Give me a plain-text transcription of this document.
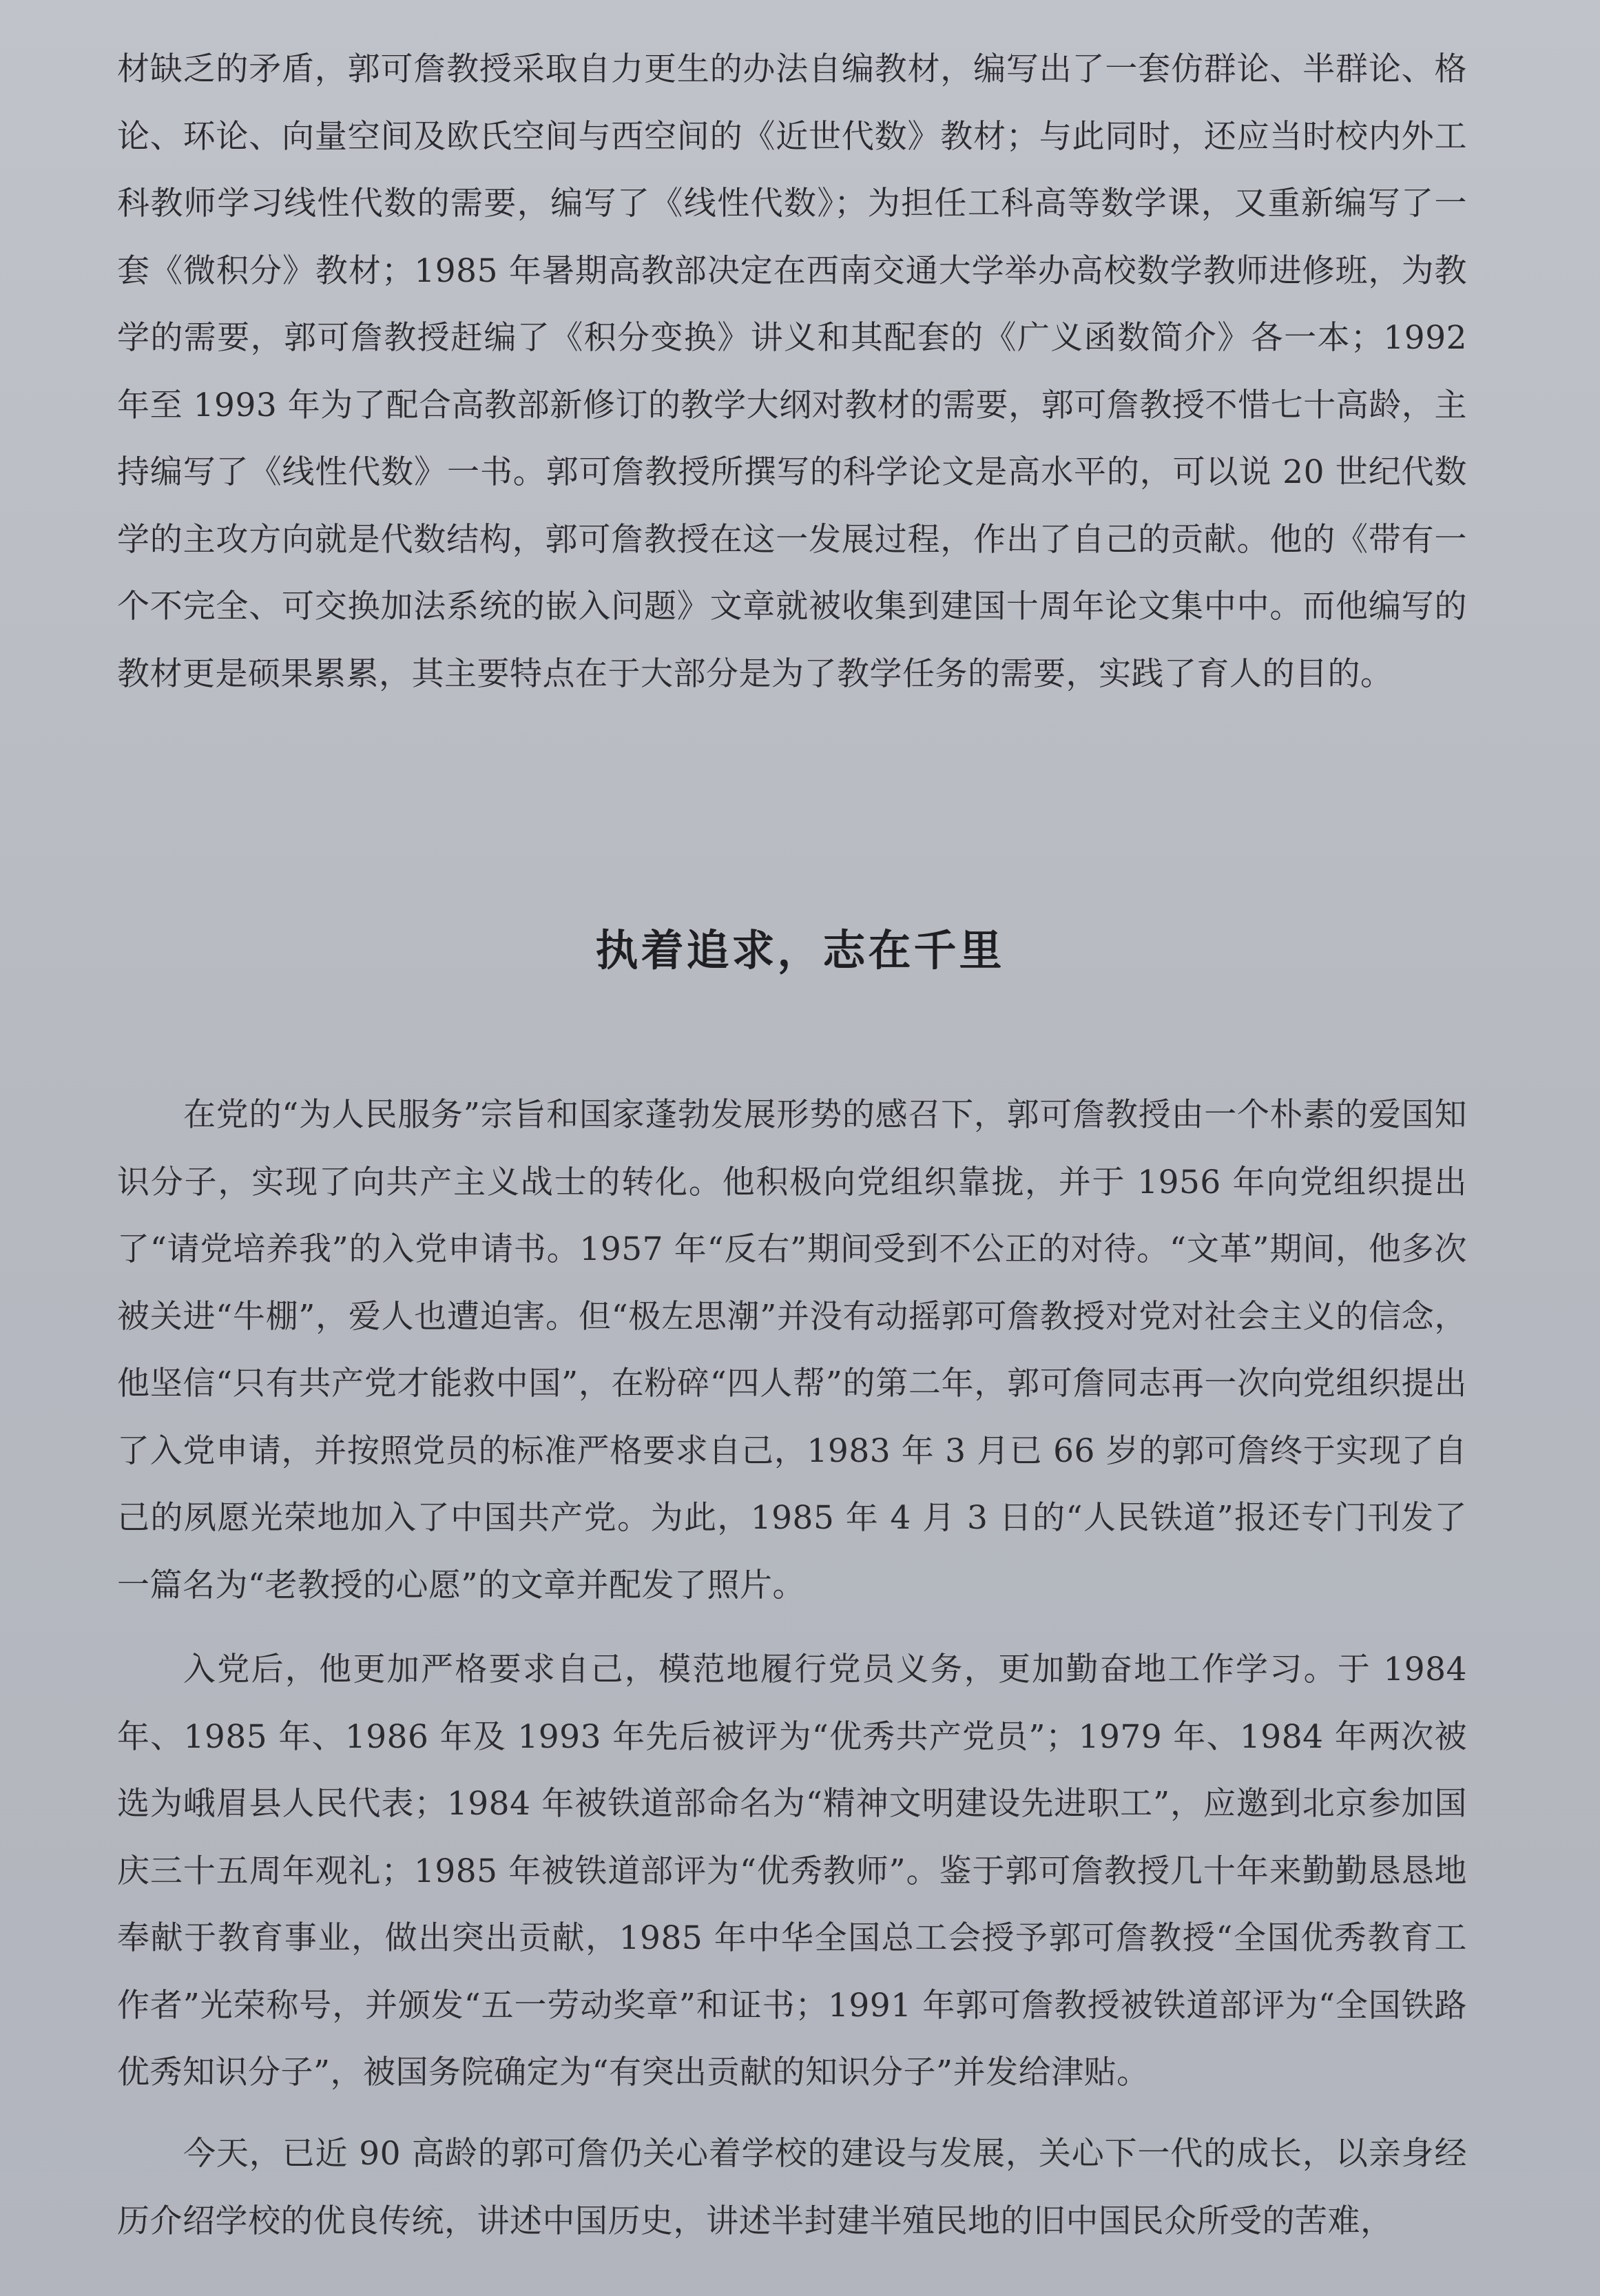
材缺乏的矛盾，郭可詹教授采取自力更生的办法自编教材，编写出了一套仿群论、半群论、格论、环论、向量空间及欧氏空间与西空间的《近世代数》教材；与此同时，还应当时校内外工科教师学习线性代数的需要，编写了《线性代数》；为担任工科高等数学课，又重新编写了一套《微积分》教材；1985 年暑期高教部决定在西南交通大学举办高校数学教师进修班，为教学的需要，郭可詹教授赶编了《积分变换》讲义和其配套的《广义函数简介》各一本；1992 年至 1993 年为了配合高教部新修订的教学大纲对教材的需要，郭可詹教授不惜七十高龄，主持编写了《线性代数》一书。郭可詹教授所撰写的科学论文是高水平的，可以说 20 世纪代数学的主攻方向就是代数结构，郭可詹教授在这一发展过程，作出了自己的贡献。他的《带有一个不完全、可交换加法系统的嵌入问题》文章就被收集到建国十周年论文集中中。而他编写的教材更是硕果累累，其主要特点在于大部分是为了教学任务的需要，实践了育人的目的。

执着追求，志在千里

在党的“为人民服务”宗旨和国家蓬勃发展形势的感召下，郭可詹教授由一个朴素的爱国知识分子，实现了向共产主义战士的转化。他积极向党组织靠拢，并于 1956 年向党组织提出了“请党培养我”的入党申请书。1957 年“反右”期间受到不公正的对待。“文革”期间，他多次被关进“牛棚”，爱人也遭迫害。但“极左思潮”并没有动摇郭可詹教授对党对社会主义的信念，他坚信“只有共产党才能救中国”，在粉碎“四人帮”的第二年，郭可詹同志再一次向党组织提出了入党申请，并按照党员的标准严格要求自己，1983 年 3 月已 66 岁的郭可詹终于实现了自己的夙愿光荣地加入了中国共产党。为此，1985 年 4 月 3 日的“人民铁道”报还专门刊发了一篇名为“老教授的心愿”的文章并配发了照片。

入党后，他更加严格要求自己，模范地履行党员义务，更加勤奋地工作学习。于 1984 年、1985 年、1986 年及 1993 年先后被评为“优秀共产党员”；1979 年、1984 年两次被选为峨眉县人民代表；1984 年被铁道部命名为“精神文明建设先进职工”，应邀到北京参加国庆三十五周年观礼；1985 年被铁道部评为“优秀教师”。鉴于郭可詹教授几十年来勤勤恳恳地奉献于教育事业，做出突出贡献，1985 年中华全国总工会授予郭可詹教授“全国优秀教育工作者”光荣称号，并颁发“五一劳动奖章”和证书；1991 年郭可詹教授被铁道部评为“全国铁路优秀知识分子”，被国务院确定为“有突出贡献的知识分子”并发给津贴。

今天，已近 90 高龄的郭可詹仍关心着学校的建设与发展，关心下一代的成长，以亲身经历介绍学校的优良传统，讲述中国历史，讲述半封建半殖民地的旧中国民众所受的苦难，
